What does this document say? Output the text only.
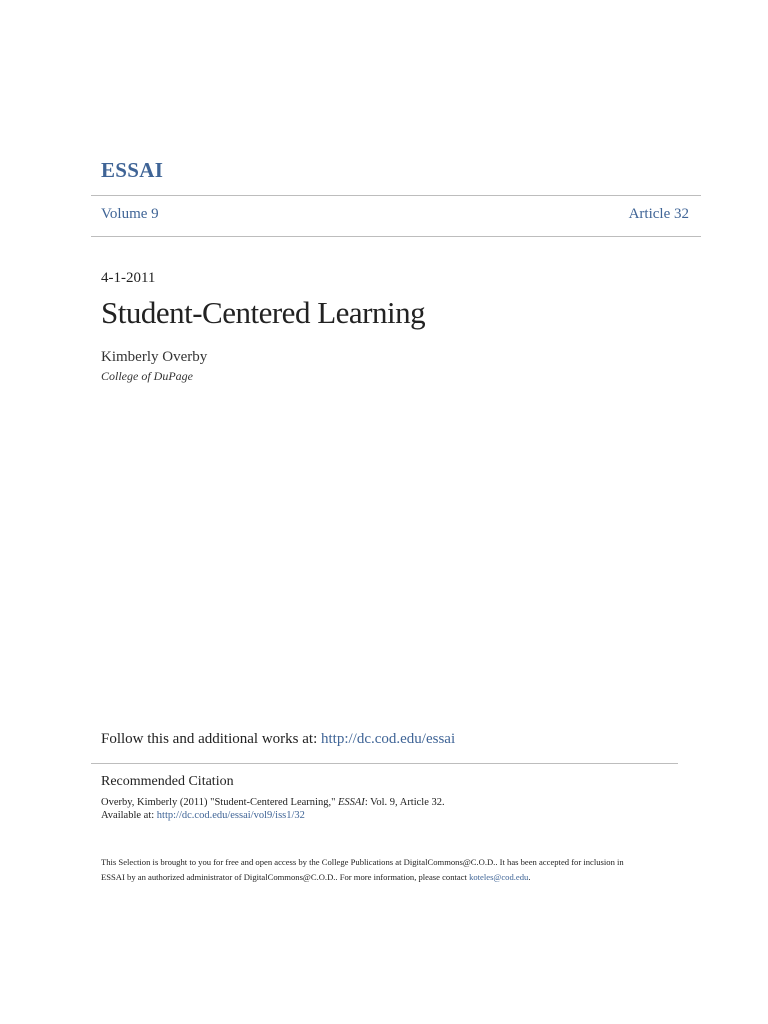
ESSAI
Volume 9	Article 32
4-1-2011
Student-Centered Learning
Kimberly Overby
College of DuPage
Follow this and additional works at: http://dc.cod.edu/essai
Recommended Citation
Overby, Kimberly (2011) "Student-Centered Learning," ESSAI: Vol. 9, Article 32.
Available at: http://dc.cod.edu/essai/vol9/iss1/32
This Selection is brought to you for free and open access by the College Publications at DigitalCommons@C.O.D.. It has been accepted for inclusion in
ESSAI by an authorized administrator of DigitalCommons@C.O.D.. For more information, please contact koteles@cod.edu.
